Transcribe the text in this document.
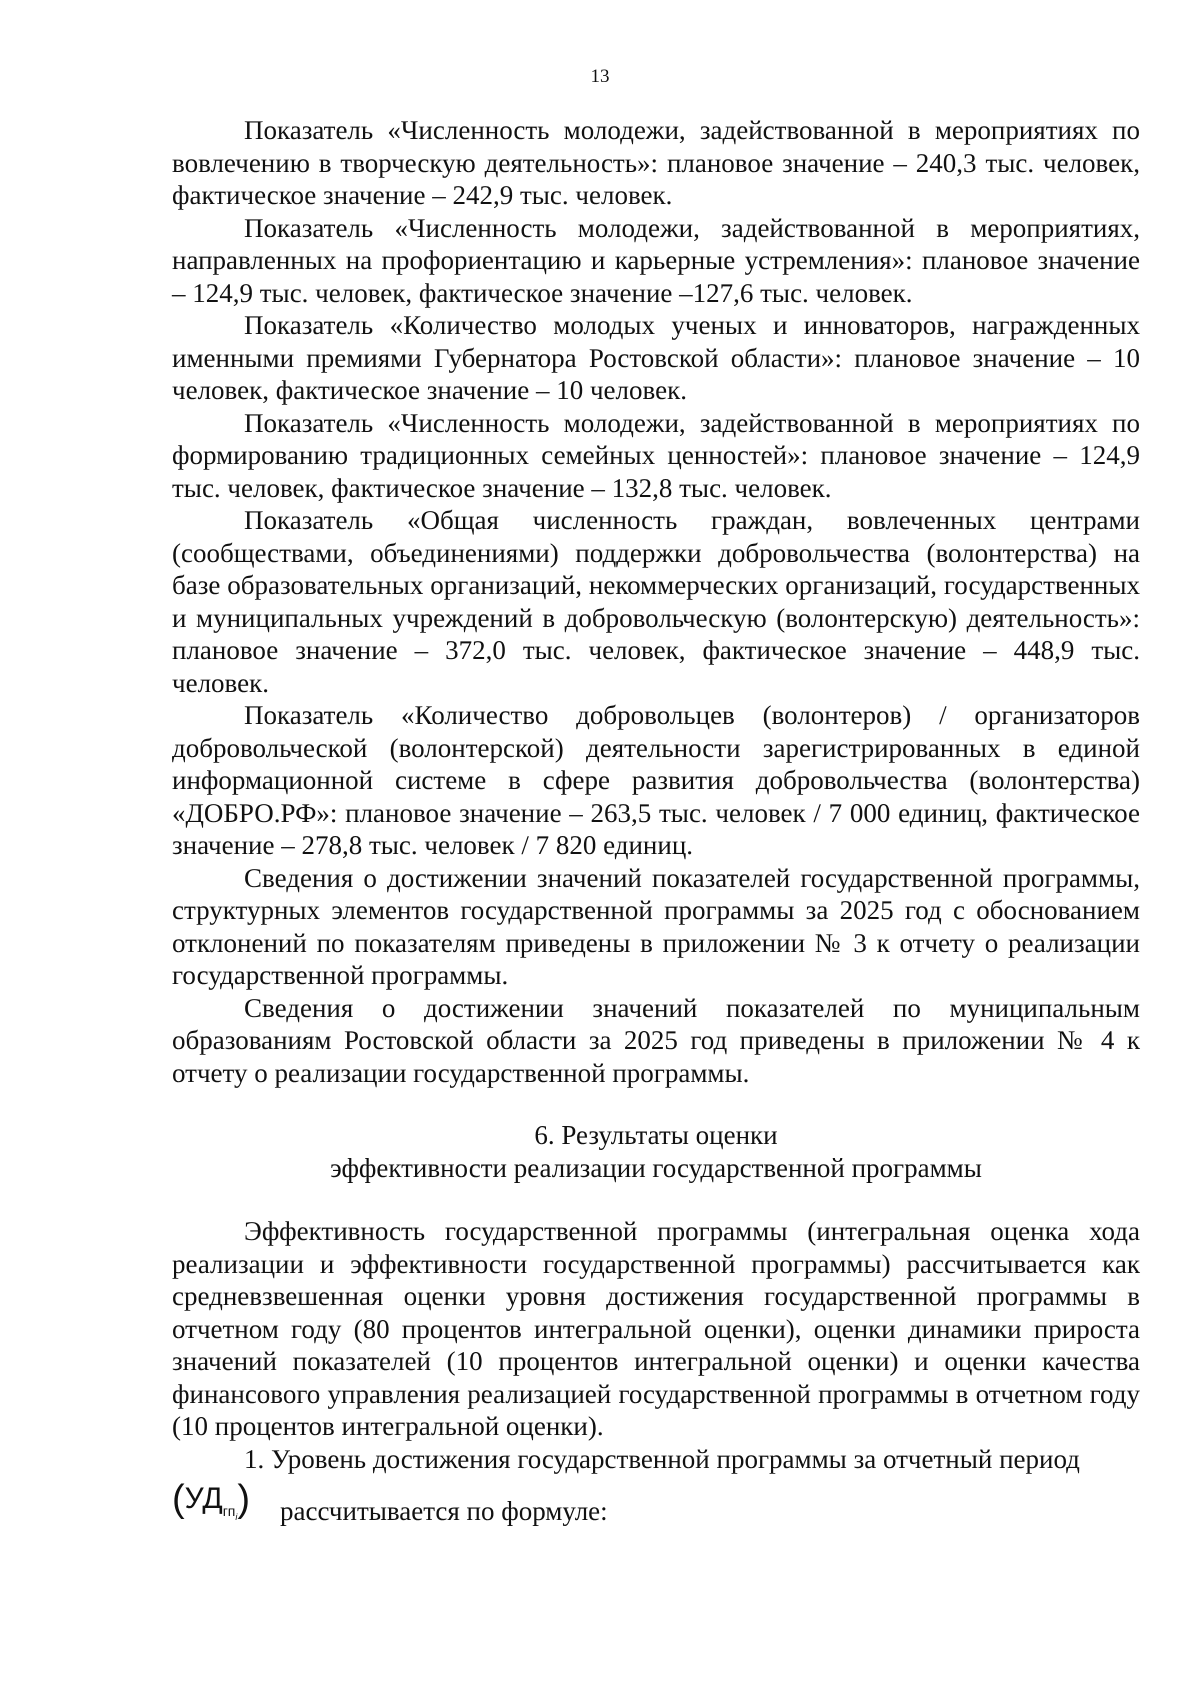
13

Показатель «Численность молодежи, задействованной в мероприятиях по вовлечению в творческую деятельность»: плановое значение – 240,3 тыс. человек, фактическое значение – 242,9 тыс. человек.

Показатель «Численность молодежи, задействованной в мероприятиях, направленных на профориентацию и карьерные устремления»: плановое значение – 124,9 тыс. человек, фактическое значение –127,6 тыс. человек.

Показатель «Количество молодых ученых и инноваторов, награжденных именными премиями Губернатора Ростовской области»: плановое значение – 10 человек, фактическое значение – 10 человек.

Показатель «Численность молодежи, задействованной в мероприятиях по формированию традиционных семейных ценностей»: плановое значение – 124,9 тыс. человек, фактическое значение – 132,8 тыс. человек.

Показатель «Общая численность граждан, вовлеченных центрами (сообществами, объединениями) поддержки добровольчества (волонтерства) на базе образовательных организаций, некоммерческих организаций, государственных и муниципальных учреждений в добровольческую (волонтерскую) деятельность»: плановое значение – 372,0 тыс. человек, фактическое значение – 448,9 тыс. человек.

Показатель «Количество добровольцев (волонтеров) / организаторов добровольческой (волонтерской) деятельности зарегистрированных в единой информационной системе в сфере развития добровольчества (волонтерства) «ДОБРО.РФ»: плановое значение – 263,5 тыс. человек / 7 000 единиц, фактическое значение – 278,8 тыс. человек / 7 820 единиц.

Сведения о достижении значений показателей государственной программы, структурных элементов государственной программы за 2025 год с обоснованием отклонений по показателям приведены в приложении № 3 к отчету о реализации государственной программы.

Сведения о достижении значений показателей по муниципальным образованиям Ростовской области за 2025 год приведены в приложении № 4 к отчету о реализации государственной программы.

6. Результаты оценки
эффективности реализации государственной программы

Эффективность государственной программы (интегральная оценка хода реализации и эффективности государственной программы) рассчитывается как средневзвешенная оценки уровня достижения государственной программы в отчетном году (80 процентов интегральной оценки), оценки динамики прироста значений показателей (10 процентов интегральной оценки) и оценки качества финансового управления реализацией государственной программы в отчетном году (10 процентов интегральной оценки).

1. Уровень достижения государственной программы за отчетный период

$(УД_{гпi})$ рассчитывается по формуле:
